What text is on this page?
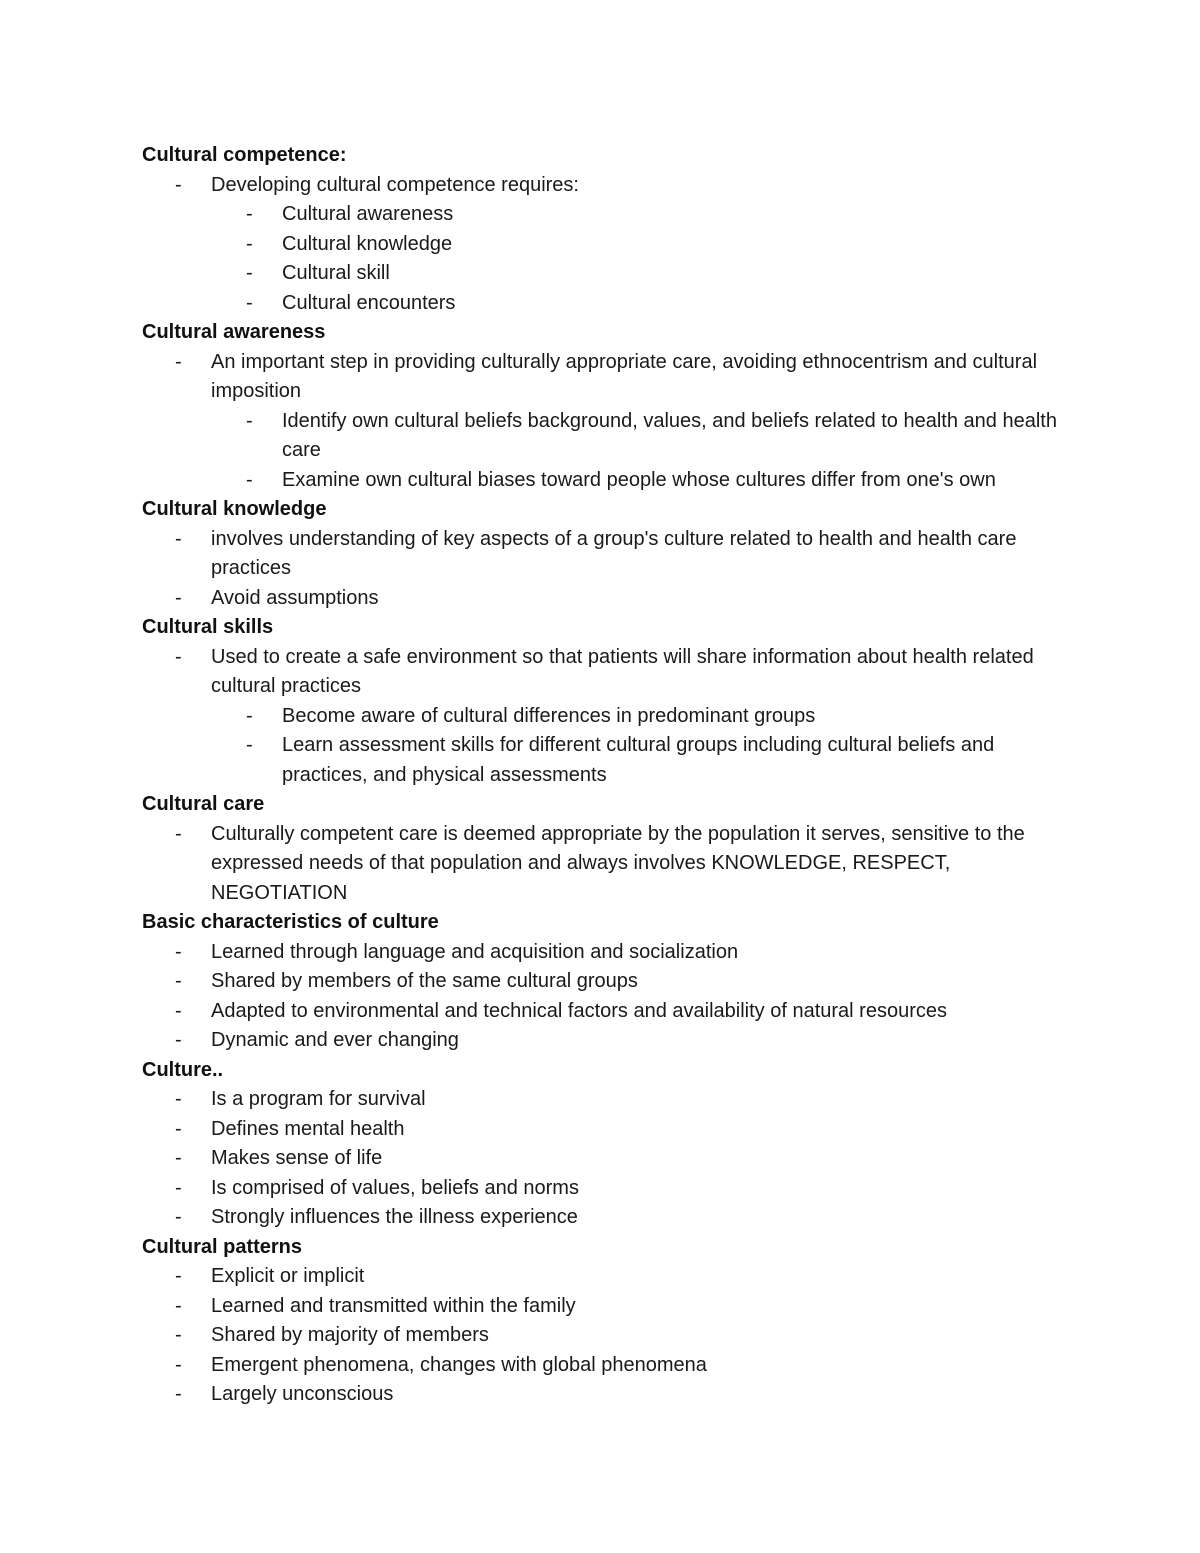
Cultural competence:
-	Developing cultural competence requires:
-	Cultural awareness
-	Cultural knowledge
-	Cultural skill
-	Cultural encounters
Cultural awareness
-	An important step in providing culturally appropriate care, avoiding ethnocentrism and cultural imposition
-	Identify own cultural beliefs background, values, and beliefs related to health and health care
-	Examine own cultural biases toward people whose cultures differ from one's own
Cultural knowledge
-	involves understanding of key aspects of a group's culture related to health and health care practices
-	Avoid assumptions
Cultural skills
-	Used to create a safe environment so that patients will share information about health related cultural practices
-	Become aware of cultural differences in predominant groups
-	Learn assessment skills for different cultural groups including cultural beliefs and practices, and physical assessments
Cultural care
-	Culturally competent care is deemed appropriate by the population it serves, sensitive to the expressed needs of that population and always involves KNOWLEDGE, RESPECT, NEGOTIATION
Basic characteristics of culture
-	Learned through language and acquisition and socialization
-	Shared by members of the same cultural groups
-	Adapted to environmental and technical factors and availability of natural resources
-	Dynamic and ever changing
Culture..
-	Is a program for survival
-	Defines mental health
-	Makes sense of life
-	Is comprised of values, beliefs and norms
-	Strongly influences the illness experience
Cultural patterns
-	Explicit or implicit
-	Learned and transmitted within the family
-	Shared by majority of members
-	Emergent phenomena, changes with global phenomena
-	Largely unconscious
